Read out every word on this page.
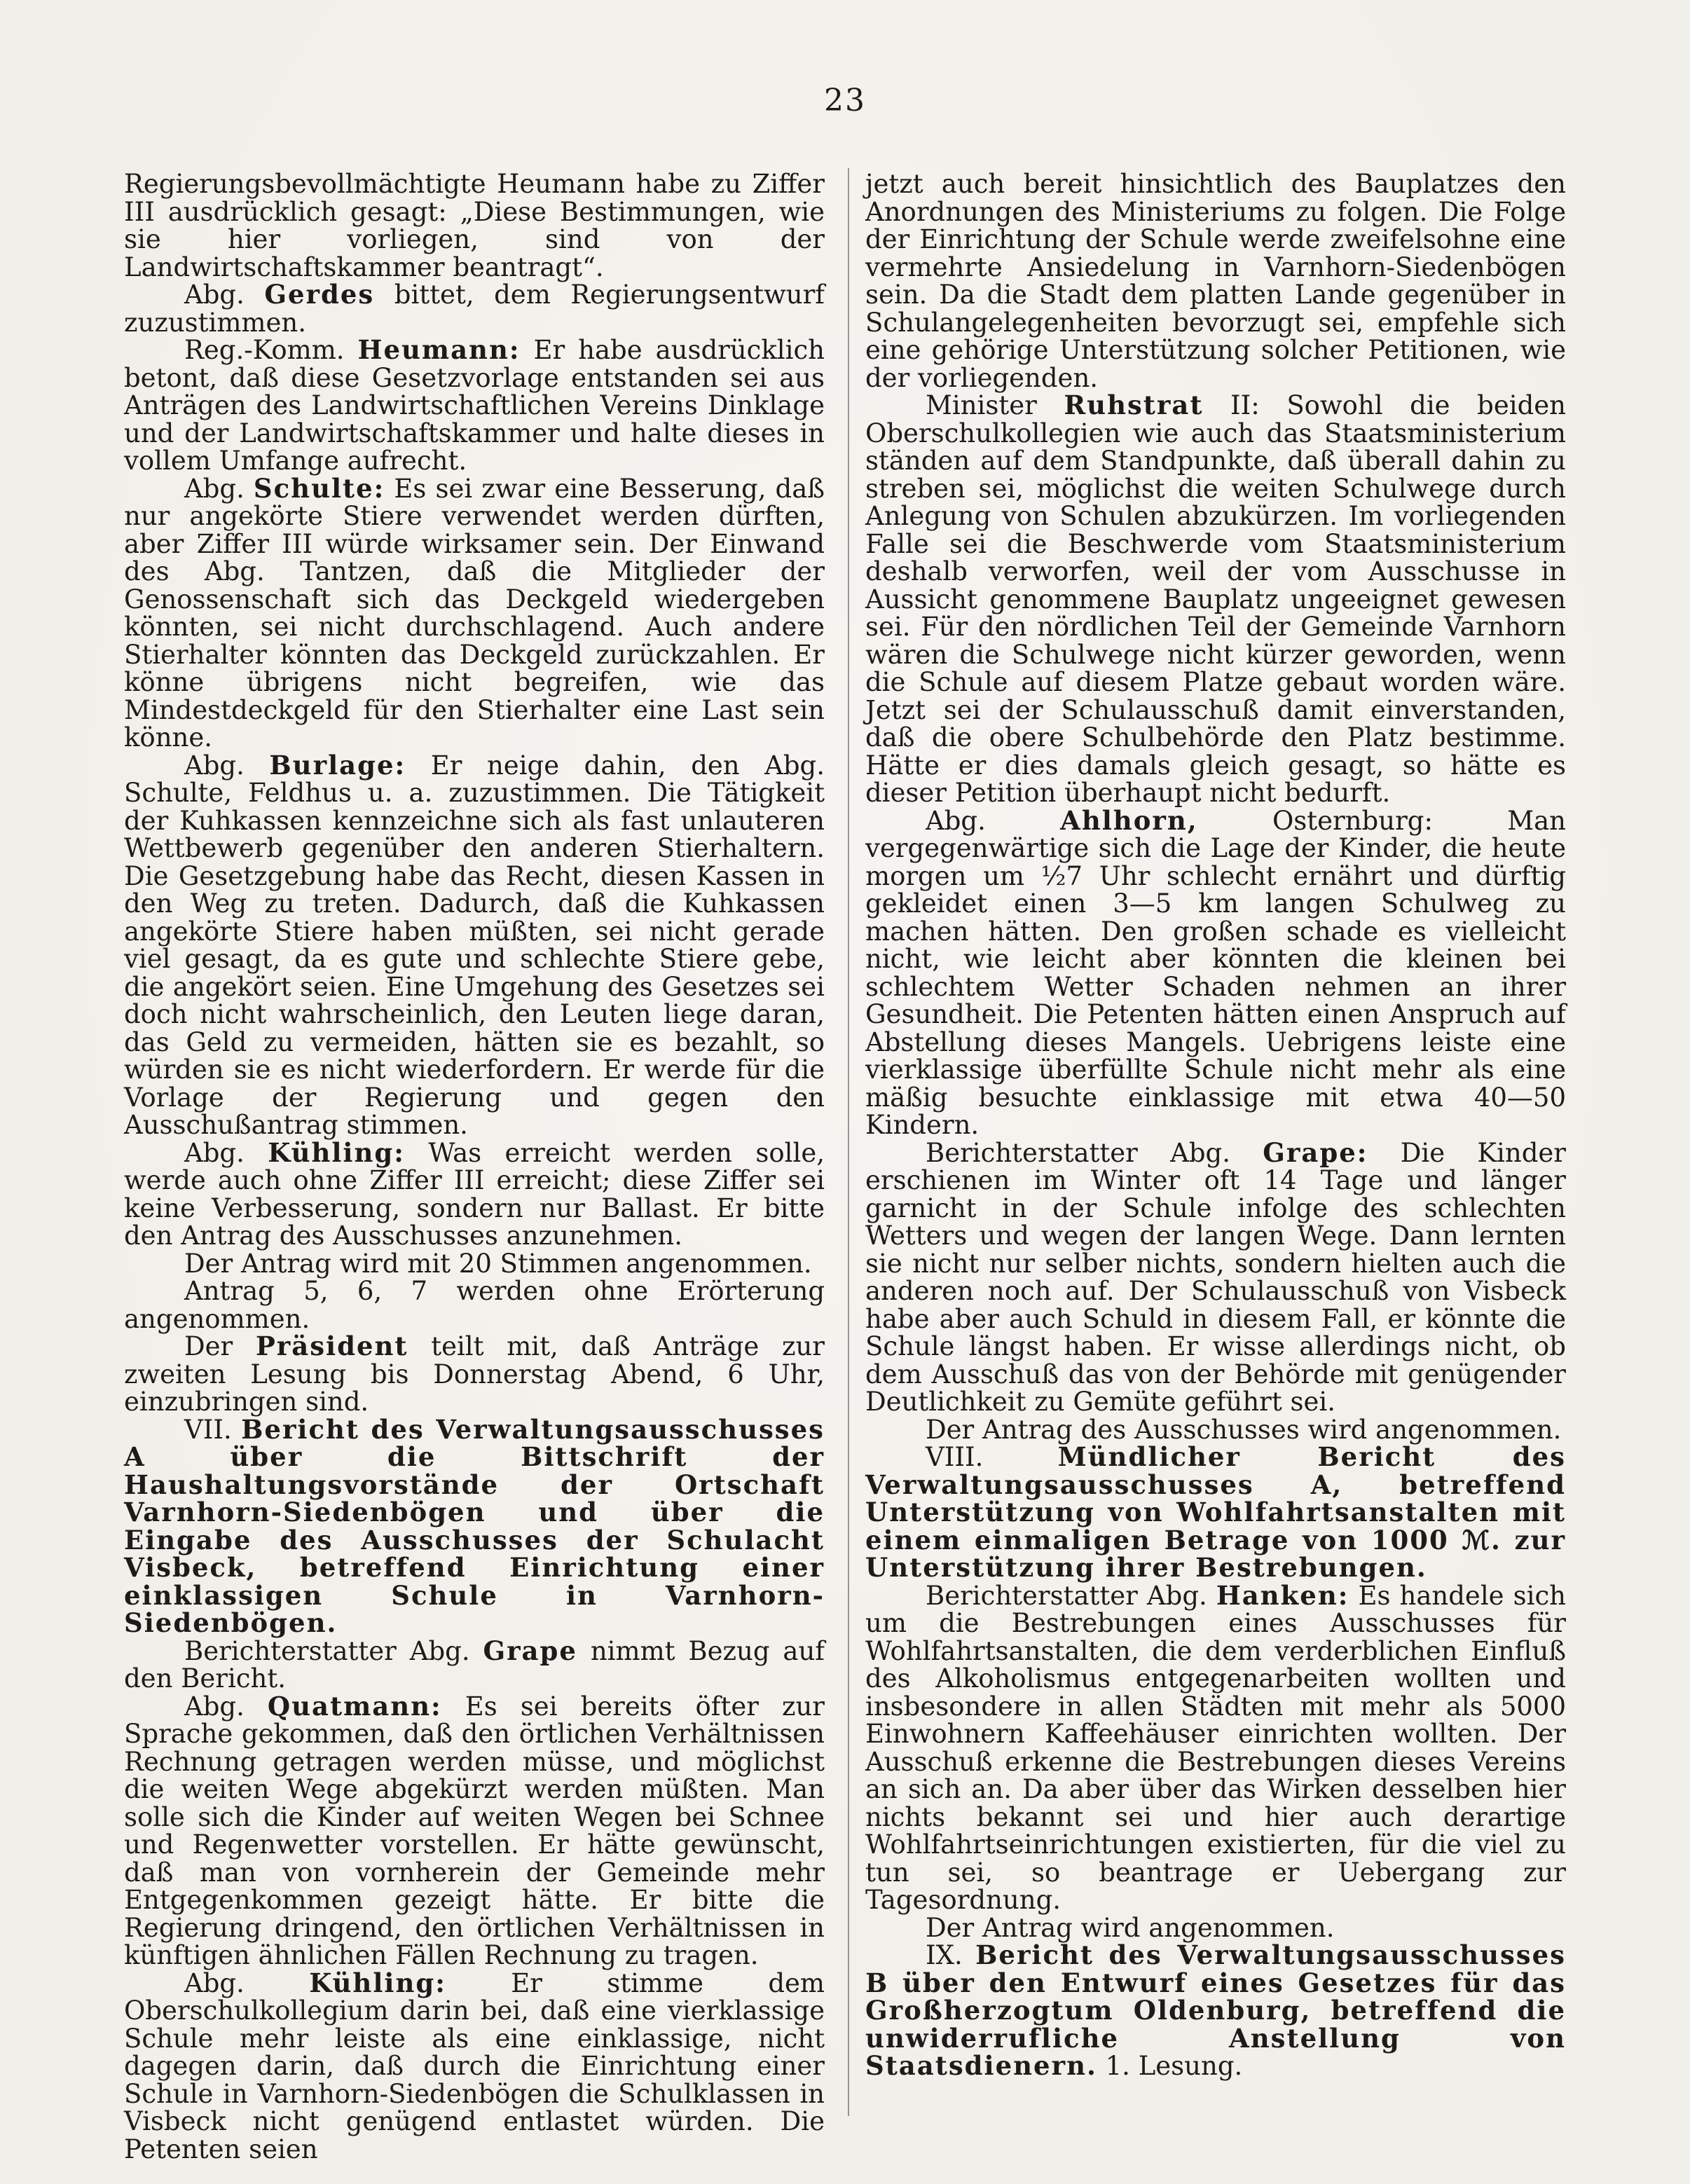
23

Regierungsbevollmächtigte Heumann habe zu Ziffer III ausdrücklich gesagt: „Diese Bestimmungen, wie sie hier vorliegen, sind von der Landwirtschaftskammer beantragt“.

Abg. Gerdes bittet, dem Regierungsentwurf zuzustimmen.

Reg.-Komm. Heumann: Er habe ausdrücklich betont, daß diese Gesetzvorlage entstanden sei aus Anträgen des Landwirtschaftlichen Vereins Dinklage und der Landwirtschaftskammer und halte dieses in vollem Umfange aufrecht.

Abg. Schulte: Es sei zwar eine Besserung, daß nur angekörte Stiere verwendet werden dürften, aber Ziffer III würde wirksamer sein. Der Einwand des Abg. Tantzen, daß die Mitglieder der Genossenschaft sich das Deckgeld wiedergeben könnten, sei nicht durchschlagend. Auch andere Stierhalter könnten das Deckgeld zurückzahlen. Er könne übrigens nicht begreifen, wie das Mindestdeckgeld für den Stierhalter eine Last sein könne.

Abg. Burlage: Er neige dahin, den Abg. Schulte, Feldhus u. a. zuzustimmen. Die Tätigkeit der Kuhkassen kennzeichne sich als fast unlauteren Wettbewerb gegenüber den anderen Stierhaltern. Die Gesetzgebung habe das Recht, diesen Kassen in den Weg zu treten. Dadurch, daß die Kuhkassen angekörte Stiere haben müßten, sei nicht gerade viel gesagt, da es gute und schlechte Stiere gebe, die angekört seien. Eine Umgehung des Gesetzes sei doch nicht wahrscheinlich, den Leuten liege daran, das Geld zu vermeiden, hätten sie es bezahlt, so würden sie es nicht wiederfordern. Er werde für die Vorlage der Regierung und gegen den Ausschußantrag stimmen.

Abg. Kühling: Was erreicht werden solle, werde auch ohne Ziffer III erreicht; diese Ziffer sei keine Verbesserung, sondern nur Ballast. Er bitte den Antrag des Ausschusses anzunehmen.

Der Antrag wird mit 20 Stimmen angenommen.

Antrag 5, 6, 7 werden ohne Erörterung angenommen.

Der Präsident teilt mit, daß Anträge zur zweiten Lesung bis Donnerstag Abend, 6 Uhr, einzubringen sind.

VII. Bericht des Verwaltungsausschusses A über die Bittschrift der Haushaltungsvorstände der Ortschaft Varnhorn-Siedenbögen und über die Eingabe des Ausschusses der Schulacht Visbeck, betreffend Einrichtung einer einklassigen Schule in Varnhorn-Siedenbögen.

Berichterstatter Abg. Grape nimmt Bezug auf den Bericht.

Abg. Quatmann: Es sei bereits öfter zur Sprache gekommen, daß den örtlichen Verhältnissen Rechnung getragen werden müsse, und möglichst die weiten Wege abgekürzt werden müßten. Man solle sich die Kinder auf weiten Wegen bei Schnee und Regenwetter vorstellen. Er hätte gewünscht, daß man von vornherein der Gemeinde mehr Entgegenkommen gezeigt hätte. Er bitte die Regierung dringend, den örtlichen Verhältnissen in künftigen ähnlichen Fällen Rechnung zu tragen.

Abg. Kühling: Er stimme dem Oberschulkollegium darin bei, daß eine vierklassige Schule mehr leiste als eine einklassige, nicht dagegen darin, daß durch die Einrichtung einer Schule in Varnhorn-Siedenbögen die Schulklassen in Visbeck nicht genügend entlastet würden. Die Petenten seien

jetzt auch bereit hinsichtlich des Bauplatzes den Anordnungen des Ministeriums zu folgen. Die Folge der Einrichtung der Schule werde zweifelsohne eine vermehrte Ansiedelung in Varnhorn-Siedenbögen sein. Da die Stadt dem platten Lande gegenüber in Schulangelegenheiten bevorzugt sei, empfehle sich eine gehörige Unterstützung solcher Petitionen, wie der vorliegenden.

Minister Ruhstrat II: Sowohl die beiden Oberschulkollegien wie auch das Staatsministerium ständen auf dem Standpunkte, daß überall dahin zu streben sei, möglichst die weiten Schulwege durch Anlegung von Schulen abzukürzen. Im vorliegenden Falle sei die Beschwerde vom Staatsministerium deshalb verworfen, weil der vom Ausschusse in Aussicht genommene Bauplatz ungeeignet gewesen sei. Für den nördlichen Teil der Gemeinde Varnhorn wären die Schulwege nicht kürzer geworden, wenn die Schule auf diesem Platze gebaut worden wäre. Jetzt sei der Schulausschuß damit einverstanden, daß die obere Schulbehörde den Platz bestimme. Hätte er dies damals gleich gesagt, so hätte es dieser Petition überhaupt nicht bedurft.

Abg. Ahlhorn, Osternburg: Man vergegenwärtige sich die Lage der Kinder, die heute morgen um ½7 Uhr schlecht ernährt und dürftig gekleidet einen 3—5 km langen Schulweg zu machen hätten. Den großen schade es vielleicht nicht, wie leicht aber könnten die kleinen bei schlechtem Wetter Schaden nehmen an ihrer Gesundheit. Die Petenten hätten einen Anspruch auf Abstellung dieses Mangels. Uebrigens leiste eine vierklassige überfüllte Schule nicht mehr als eine mäßig besuchte einklassige mit etwa 40—50 Kindern.

Berichterstatter Abg. Grape: Die Kinder erschienen im Winter oft 14 Tage und länger garnicht in der Schule infolge des schlechten Wetters und wegen der langen Wege. Dann lernten sie nicht nur selber nichts, sondern hielten auch die anderen noch auf. Der Schulausschuß von Visbeck habe aber auch Schuld in diesem Fall, er könnte die Schule längst haben. Er wisse allerdings nicht, ob dem Ausschuß das von der Behörde mit genügender Deutlichkeit zu Gemüte geführt sei.

Der Antrag des Ausschusses wird angenommen.

VIII. Mündlicher Bericht des Verwaltungsausschusses A, betreffend Unterstützung von Wohlfahrtsanstalten mit einem einmaligen Betrage von 1000 ℳ. zur Unterstützung ihrer Bestrebungen.

Berichterstatter Abg. Hanken: Es handele sich um die Bestrebungen eines Ausschusses für Wohlfahrtsanstalten, die dem verderblichen Einfluß des Alkoholismus entgegenarbeiten wollten und insbesondere in allen Städten mit mehr als 5000 Einwohnern Kaffeehäuser einrichten wollten. Der Ausschuß erkenne die Bestrebungen dieses Vereins an sich an. Da aber über das Wirken desselben hier nichts bekannt sei und hier auch derartige Wohlfahrtseinrichtungen existierten, für die viel zu tun sei, so beantrage er Uebergang zur Tagesordnung.

Der Antrag wird angenommen.

IX. Bericht des Verwaltungsausschusses B über den Entwurf eines Gesetzes für das Großherzogtum Oldenburg, betreffend die unwiderrufliche Anstellung von Staatsdienern. 1. Lesung.
